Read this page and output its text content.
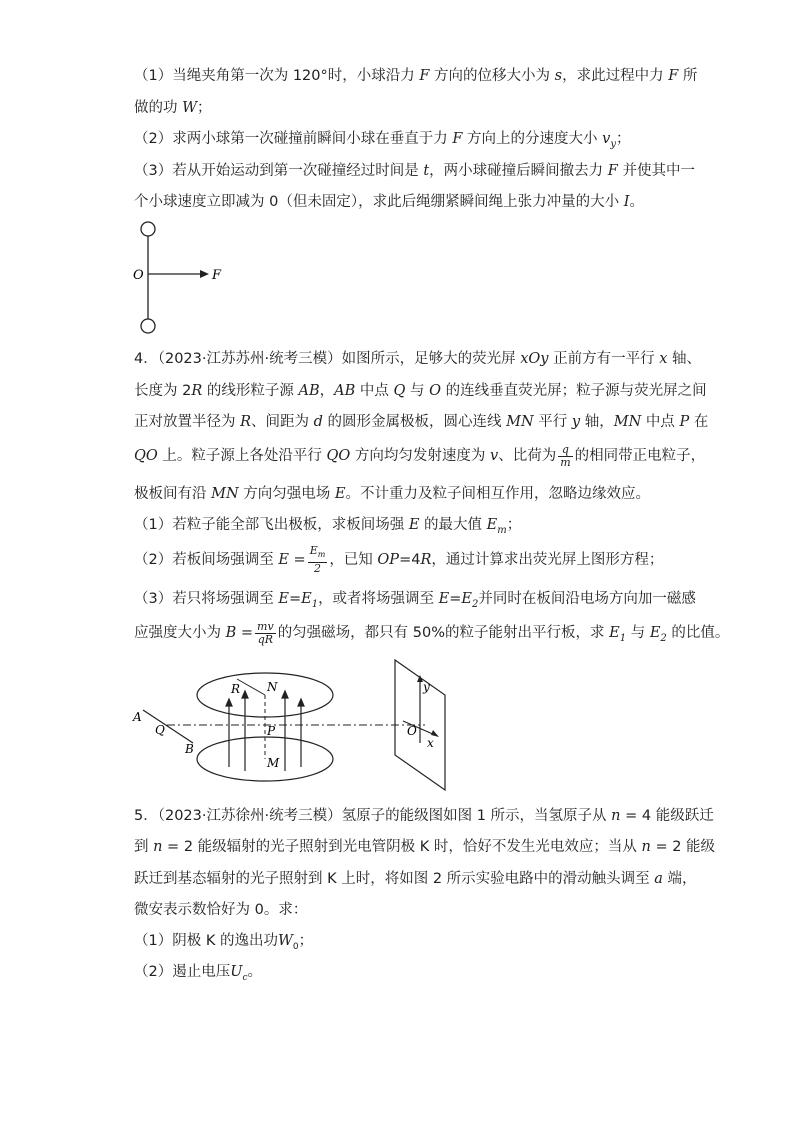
（1）当绳夹角第一次为 120°时，小球沿力 F 方向的位移大小为 s，求此过程中力 F 所
做的功 W；
（2）求两小球第一次碰撞前瞬间小球在垂直于力 F 方向上的分速度大小 $v_y$；
（3）若从开始运动到第一次碰撞经过时间是 t，两小球碰撞后瞬间撤去力 F 并使其中一
个小球速度立即减为 0（但未固定），求此后绳绷紧瞬间绳上张力冲量的大小 I。
O	F
4．（2023·江苏苏州·统考三模）如图所示，足够大的荧光屏 xOy 正前方有一平行 x 轴、
长度为 2R 的线形粒子源 AB，AB 中点 Q 与 O 的连线垂直荧光屏；粒子源与荧光屏之间
正对放置半径为 R、间距为 d 的圆形金属极板，圆心连线 MN 平行 y 轴，MN 中点 P 在
QO 上。粒子源上各处沿平行 QO 方向均匀发射速度为 v、比荷为 $\frac{q}{m}$ 的相同带正电粒子，
极板间有沿 MN 方向匀强电场 E。不计重力及粒子间相互作用，忽略边缘效应。
（1）若粒子能全部飞出极板，求板间场强 E 的最大值 $E_m$；
（2）若板间场强调至 $E = \frac{E_m}{2}$ ，已知 OP=4R，通过计算求出荧光屏上图形方程；
（3）若只将场强调至 $E=E_1$，或者将场强调至 $E=E_2$并同时在板间沿电场方向加一磁感
应强度大小为 $B = \frac{mv}{qR}$ 的匀强磁场，都只有 50%的粒子能射出平行板，求 $E_1$ 与 $E_2$ 的比值。
A
Q
B
R N
P
M
y
O
x
5．（2023·江苏徐州·统考三模）氢原子的能级图如图 1 所示，当氢原子从 n = 4 能级跃迁
到 n = 2 能级辐射的光子照射到光电管阴极 K 时，恰好不发生光电效应；当从 n = 2 能级
跃迁到基态辐射的光子照射到 K 上时，将如图 2 所示实验电路中的滑动触头调至 a 端，
微安表示数恰好为 0。求：
（1）阴极 K 的逸出功$W_0$；
（2）遏止电压$U_c$。
